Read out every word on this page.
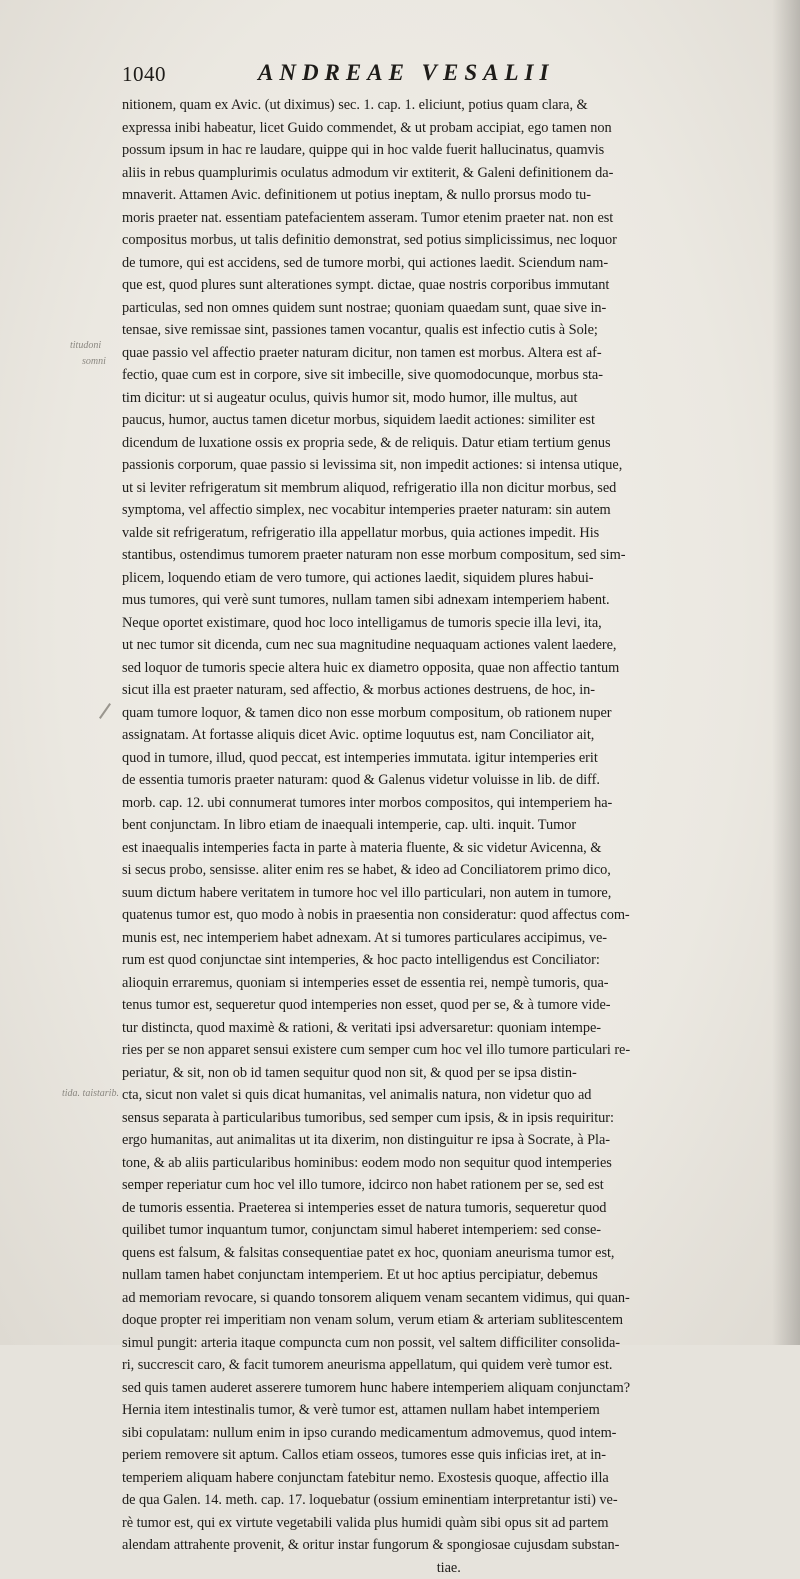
1040	ANDREAE VESALII
titudoni
somni
tida. taistarib.
nitionem, quam ex Avic. (ut diximus) sec. 1. cap. 1. eliciunt, potius quam clara, &
expressa inibi habeatur, licet Guido commendet, & ut probam accipiat, ego tamen non
possum ipsum in hac re laudare, quippe qui in hoc valde fuerit hallucinatus, quamvis
aliis in rebus quamplurimis oculatus admodum vir extiterit, & Galeni definitionem da-
mnaverit. Attamen Avic. definitionem ut potius ineptam, & nullo prorsus modo tu-
moris praeter nat. essentiam patefacientem asseram. Tumor etenim praeter nat. non est
compositus morbus, ut talis definitio demonstrat, sed potius simplicissimus, nec loquor
de tumore, qui est accidens, sed de tumore morbi, qui actiones laedit. Sciendum nam-
que est, quod plures sunt alterationes sympt. dictae, quae nostris corporibus immutant
particulas, sed non omnes quidem sunt nostrae; quoniam quaedam sunt, quae sive in-
tensae, sive remissae sint, passiones tamen vocantur, qualis est infectio cutis à Sole;
quae passio vel affectio praeter naturam dicitur, non tamen est morbus. Altera est af-
fectio, quae cum est in corpore, sive sit imbecille, sive quomodocunque, morbus sta-
tim dicitur: ut si augeatur oculus, quivis humor sit, modo humor, ille multus, aut
paucus, humor, auctus tamen dicetur morbus, siquidem laedit actiones: similiter est
dicendum de luxatione ossis ex propria sede, & de reliquis. Datur etiam tertium genus
passionis corporum, quae passio si levissima sit, non impedit actiones: si intensa utique,
ut si leviter refrigeratum sit membrum aliquod, refrigeratio illa non dicitur morbus, sed
symptoma, vel affectio simplex, nec vocabitur intemperies praeter naturam: sin autem
valde sit refrigeratum, refrigeratio illa appellatur morbus, quia actiones impedit. His
stantibus, ostendimus tumorem praeter naturam non esse morbum compositum, sed sim-
plicem, loquendo etiam de vero tumore, qui actiones laedit, siquidem plures habui-
mus tumores, qui verè sunt tumores, nullam tamen sibi adnexam intemperiem habent.
Neque oportet existimare, quod hoc loco intelligamus de tumoris specie illa levi, ita,
ut nec tumor sit dicenda, cum nec sua magnitudine nequaquam actiones valent laedere,
sed loquor de tumoris specie altera huic ex diametro opposita, quae non affectio tantum
sicut illa est praeter naturam, sed affectio, & morbus actiones destruens, de hoc, in-
quam tumore loquor, & tamen dico non esse morbum compositum, ob rationem nuper
assignatam. At fortasse aliquis dicet Avic. optime loquutus est, nam Conciliator ait,
quod in tumore, illud, quod peccat, est intemperies immutata. igitur intemperies erit
de essentia tumoris praeter naturam: quod & Galenus videtur voluisse in lib. de diff.
morb. cap. 12. ubi connumerat tumores inter morbos compositos, qui intemperiem ha-
bent conjunctam. In libro etiam de inaequali intemperie, cap. ulti. inquit. Tumor
est inaequalis intemperies facta in parte à materia fluente, & sic videtur Avicenna, &
si secus probo, sensisse. aliter enim res se habet, & ideo ad Conciliatorem primo dico,
suum dictum habere veritatem in tumore hoc vel illo particulari, non autem in tumore,
quatenus tumor est, quo modo à nobis in praesentia non consideratur: quod affectus com-
munis est, nec intemperiem habet adnexam. At si tumores particulares accipimus, ve-
rum est quod conjunctae sint intemperies, & hoc pacto intelligendus est Conciliator:
alioquin erraremus, quoniam si intemperies esset de essentia rei, nempè tumoris, qua-
tenus tumor est, sequeretur quod intemperies non esset, quod per se, & à tumore vide-
tur distincta, quod maximè & rationi, & veritati ipsi adversaretur: quoniam intempe-
ries per se non apparet sensui existere cum semper cum hoc vel illo tumore particulari re-
periatur, & sit, non ob id tamen sequitur quod non sit, & quod per se ipsa distin-
cta, sicut non valet si quis dicat humanitas, vel animalis natura, non videtur quo ad
sensus separata à particularibus tumoribus, sed semper cum ipsis, & in ipsis requiritur:
ergo humanitas, aut animalitas ut ita dixerim, non distinguitur re ipsa à Socrate, à Pla-
tone, & ab aliis particularibus hominibus: eodem modo non sequitur quod intemperies
semper reperiatur cum hoc vel illo tumore, idcirco non habet rationem per se, sed est
de tumoris essentia. Praeterea si intemperies esset de natura tumoris, sequeretur quod
quilibet tumor inquantum tumor, conjunctam simul haberet intemperiem: sed conse-
quens est falsum, & falsitas consequentiae patet ex hoc, quoniam aneurisma tumor est,
nullam tamen habet conjunctam intemperiem. Et ut hoc aptius percipiatur, debemus
ad memoriam revocare, si quando tonsorem aliquem venam secantem vidimus, qui quan-
doque propter rei imperitiam non venam solum, verum etiam & arteriam sublitescentem
simul pungit: arteria itaque compuncta cum non possit, vel saltem difficiliter consolida-
ri, succrescit caro, & facit tumorem aneurisma appellatum, qui quidem verè tumor est.
sed quis tamen auderet asserere tumorem hunc habere intemperiem aliquam conjunctam?
Hernia item intestinalis tumor, & verè tumor est, attamen nullam habet intemperiem
sibi copulatam: nullum enim in ipso curando medicamentum admovemus, quod intem-
periem removere sit aptum. Callos etiam osseos, tumores esse quis inficias iret, at in-
temperiem aliquam habere conjunctam fatebitur nemo. Exostesis quoque, affectio illa
de qua Galen. 14. meth. cap. 17. loquebatur (ossium eminentiam interpretantur isti) ve-
rè tumor est, qui ex virtute vegetabili valida plus humidi quàm sibi opus sit ad partem
alendam attrahente provenit, & oritur instar fungorum & spongiosae cujusdam substan-
tiae.
